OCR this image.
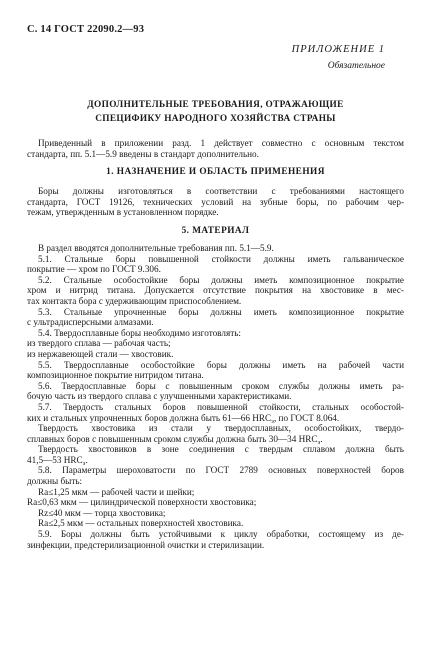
С. 14 ГОСТ 22090.2—93
ПРИЛОЖЕНИЕ 1
Обязательное
ДОПОЛНИТЕЛЬНЫЕ ТРЕБОВАНИЯ, ОТРАЖАЮЩИЕ
СПЕЦИФИКУ НАРОДНОГО ХОЗЯЙСТВА СТРАНЫ
Приведенный в приложении разд. 1 действует совместно с основным текстом
стандарта, пп. 5.1—5.9 введены в стандарт дополнительно.
1. НАЗНАЧЕНИЕ И ОБЛАСТЬ ПРИМЕНЕНИЯ
Боры должны изготовляться в соответствии с требованиями настоящего
стандарта, ГОСТ 19126, технических условий на зубные боры, по рабочим чер-
тежам, утвержденным в установленном порядке.
5. МАТЕРИАЛ
В раздел вводятся дополнительные требования пп. 5.1—5.9.
5.1. Стальные боры повышенной стойкости должны иметь гальваническое
покрытие — хром по ГОСТ 9.306.
5.2. Стальные особостойкие боры должны иметь композиционное покрытие
хром и нитрид титана. Допускается отсутствие покрытия на хвостовике в мес-
тах контакта бора с удерживающим приспособлением.
5.3. Стальные упрочненные боры должны иметь композиционное покрытие
с ультрадисперсными алмазами.
5.4. Твердосплавные боры необходимо изготовлять:
из твердого сплава — рабочая часть;
из нержавеющей стали — хвостовик.
5.5. Твердосплавные особостойкие боры должны иметь на рабочей части
композиционное покрытие нитридом титана.
5.6. Твердосплавные боры с повышенным сроком службы должны иметь ра-
бочую часть из твердого сплава с улучшенными характеристиками.
5.7. Твердость стальных боров повышенной стойкости, стальных особостой-
ких и стальных упрочненных боров должна быть 61—66 $HRC_э$, по ГОСТ 8.064.
Твердость хвостовика из стали у твердосплавных, особостойких, твердо-
сплавных боров с повышенным сроком службы должна быть 30—34 $HRC_э$.
Твердость хвостовиков в зоне соединения с твердым сплавом должна быть
41,5—53 $HRC_э$.
5.8. Параметры шероховатости по ГОСТ 2789 основных поверхностей боров
должны быть:
Ra≤1,25 мкм — рабочей части и шейки;
Ra≤0,63 мкм — цилиндрической поверхности хвостовика;
Rz≤40 мкм — торца хвостовика;
Ra≤2,5 мкм — остальных поверхностей хвостовика.
5.9. Боры должны быть устойчивыми к циклу обработки, состоящему из де-
зинфекции, предстерилизационной очистки и стерилизации.
